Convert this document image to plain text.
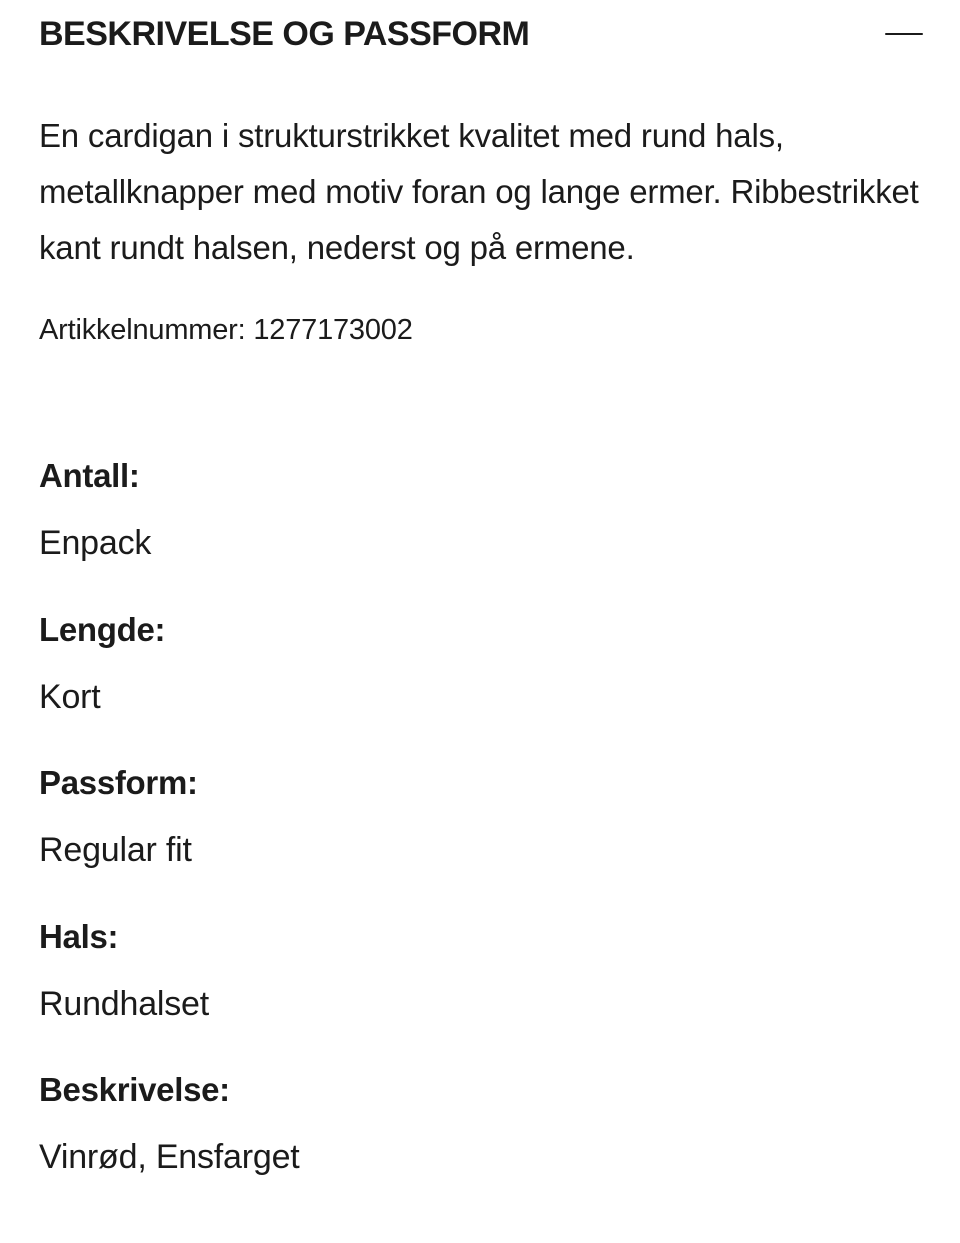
BESKRIVELSE OG PASSFORM

En cardigan i strukturstrikket kvalitet med rund hals, metallknapper med motiv foran og lange ermer. Ribbestrikket kant rundt halsen, nederst og på ermene.

Artikkelnummer: 1277173002

Antall:
Enpack
Lengde:
Kort
Passform:
Regular fit
Hals:
Rundhalset
Beskrivelse:
Vinrød, Ensfarget
